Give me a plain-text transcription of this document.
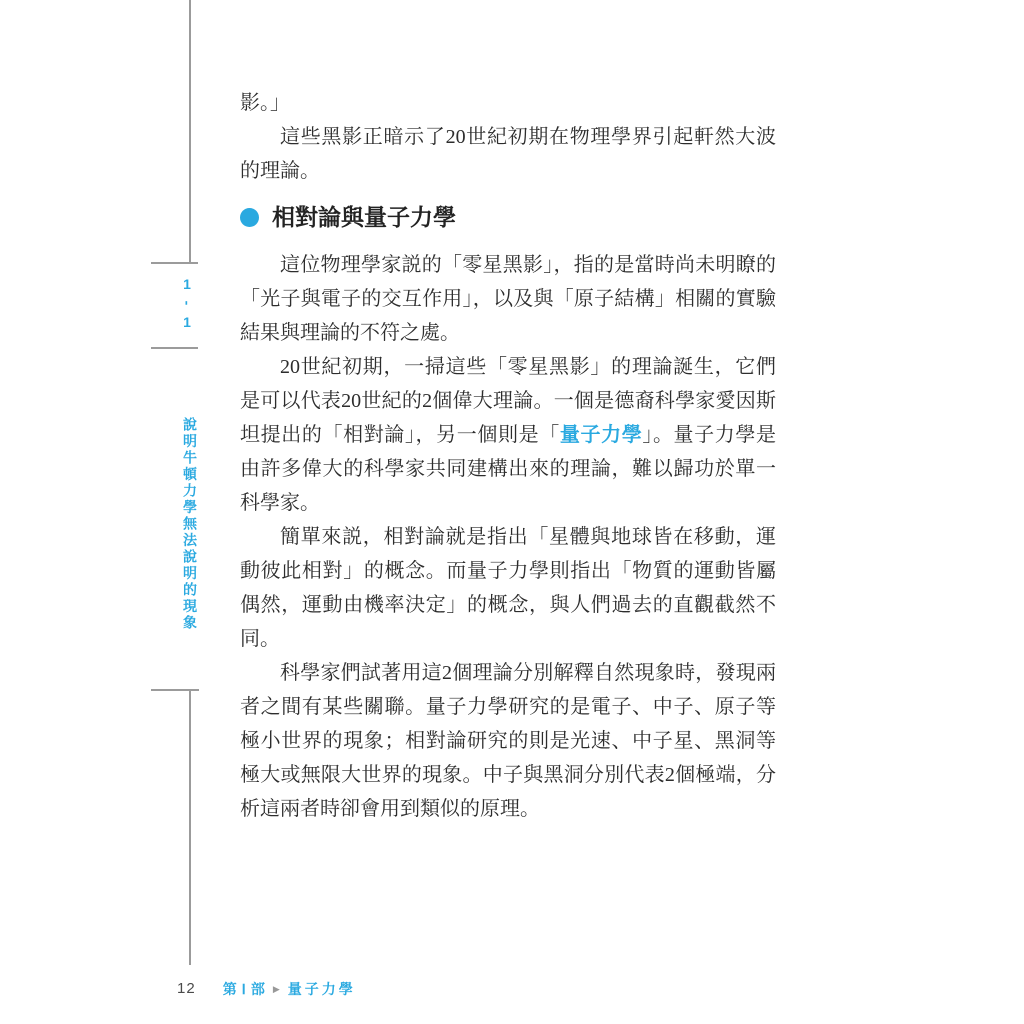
1
-
1
說明牛頓力學無法說明的現象

影。」

這些黑影正暗示了20世紀初期在物理學界引起軒然大波的理論。

相對論與量子力學

這位物理學家説的「零星黑影」，指的是當時尚未明瞭的「光子與電子的交互作用」，以及與「原子結構」相關的實驗結果與理論的不符之處。

20世紀初期，一掃這些「零星黑影」的理論誕生，它們是可以代表20世紀的2個偉大理論。一個是德裔科學家愛因斯坦提出的「相對論」，另一個則是「量子力學」。量子力學是由許多偉大的科學家共同建構出來的理論，難以歸功於單一科學家。

簡單來説，相對論就是指出「星體與地球皆在移動，運動彼此相對」的概念。而量子力學則指出「物質的運動皆屬偶然，運動由機率決定」的概念，與人們過去的直觀截然不同。

科學家們試著用這2個理論分別解釋自然現象時，發現兩者之間有某些關聯。量子力學研究的是電子、中子、原子等極小世界的現象；相對論研究的則是光速、中子星、黑洞等極大或無限大世界的現象。中子與黑洞分別代表2個極端，分析這兩者時卻會用到類似的原理。

12 第Ⅰ部 ▶ 量子力學
